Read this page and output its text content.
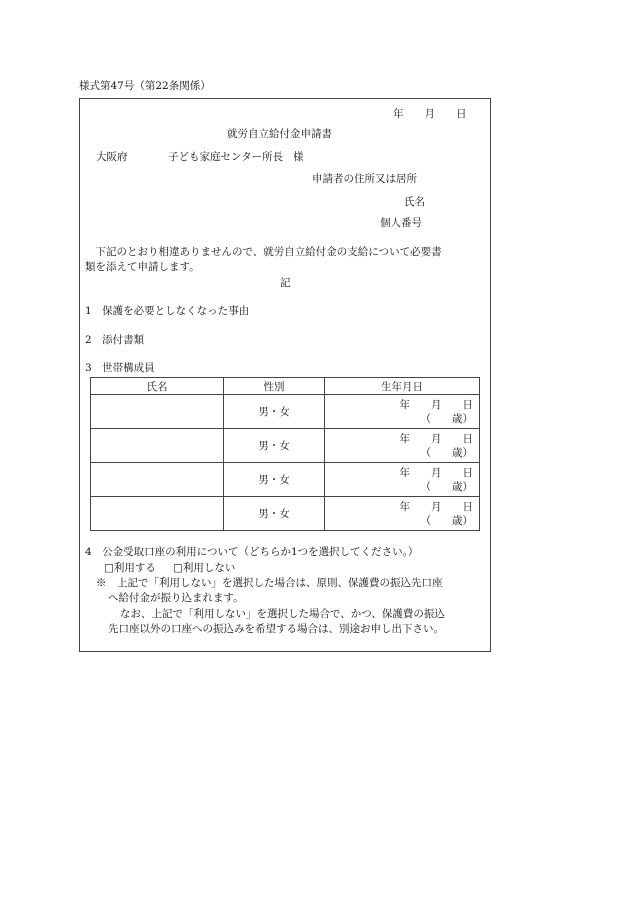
様式第47号（第22条関係）
年　　月　　日
就労自立給付金申請書
大阪府	子ども家庭センター所長 様
申請者の住所又は居所
氏名
個人番号
　下記のとおり相違ありませんので、就労自立給付金の支給について必要書
類を添えて申請します。
記
1　保護を必要としなくなった事由
2　添付書類
3　世帯構成員
氏名	性別	生年月日
	男・女	年　　月　　日
（　　歳）

	男・女	年　　月　　日
（　　歳）

	男・女	年　　月　　日
（　　歳）

	男・女	年　　月　　日
（　　歳）
4　公金受取口座の利用について（どちらか1つを選択してください。）
□利用する □利用しない
※　上記で「利用しない」を選択した場合は、原則、保護費の振込先口座
へ給付金が振り込まれます。
なお、上記で「利用しない」を選択した場合で、かつ、保護費の振込
先口座以外の口座への振込みを希望する場合は、別途お申し出下さい。
